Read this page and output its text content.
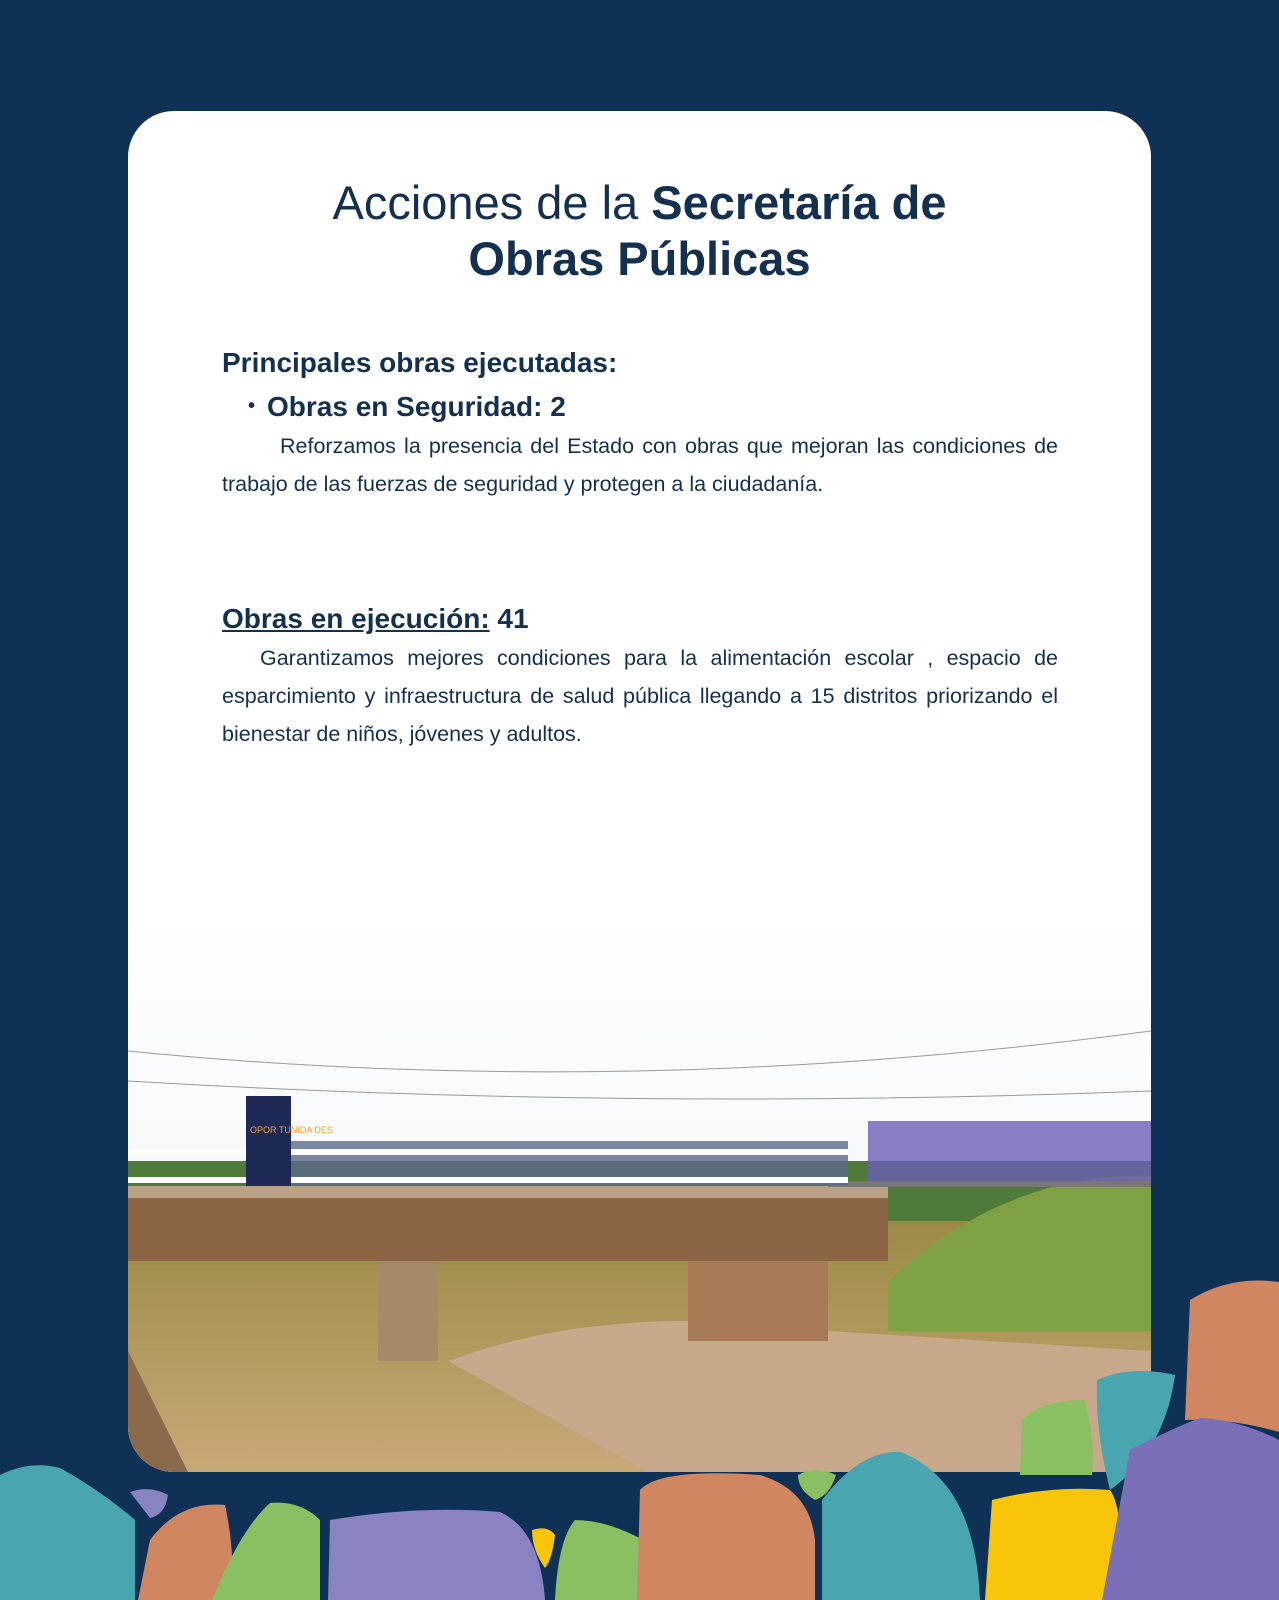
Acciones de la Secretaría de
Obras Públicas
Principales obras ejecutadas:
• Obras en Seguridad: 2

Reforzamos la presencia del Estado con obras que mejoran las condiciones de trabajo de las fuerzas de seguridad y protegen a la ciudadanía.

Obras en ejecución: 41

Garantizamos mejores condiciones para la alimentación escolar , espacio de esparcimiento y infraestructura de salud pública llegando a 15 distritos priorizando el bienestar de niños, jóvenes y adultos.

OPOR TUNIDA DES
